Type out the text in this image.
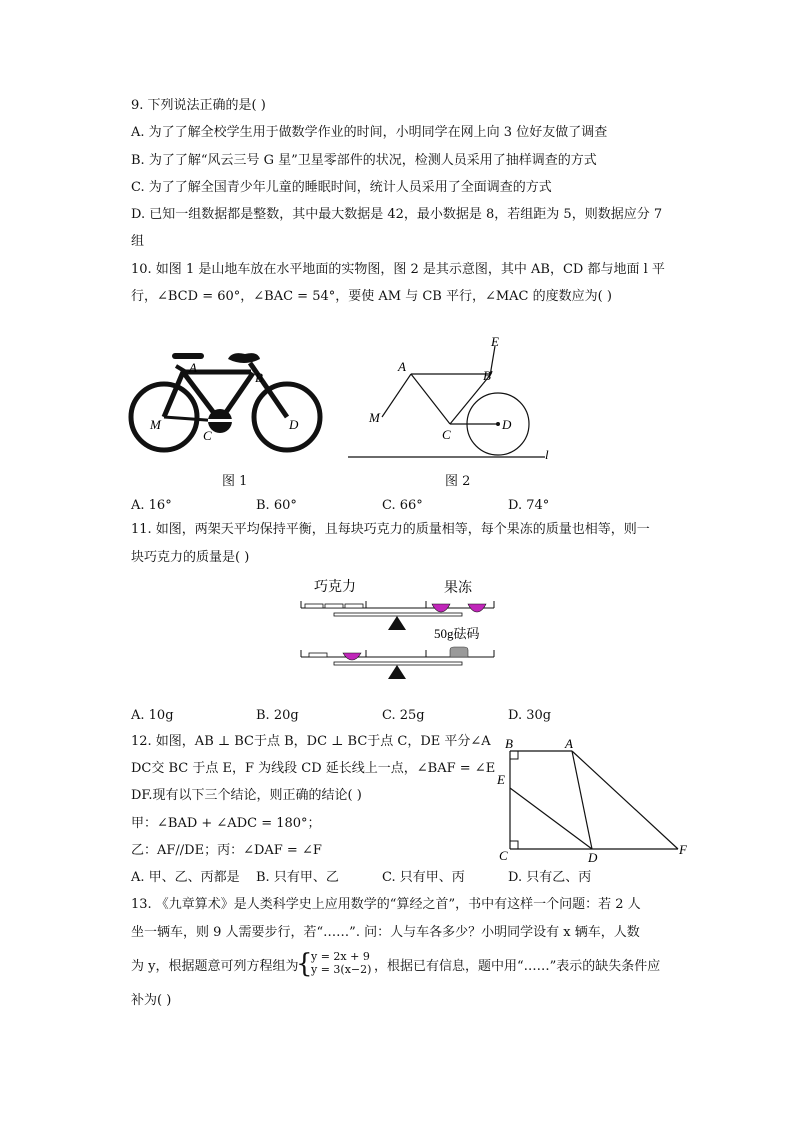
9. 下列说法正确的是( )
A. 为了了解全校学生用于做数学作业的时间，小明同学在网上向 3 位好友做了调查
B. 为了了解“风云三号 G 星”卫星零部件的状况，检测人员采用了抽样调查的方式
C. 为了了解全国青少年儿童的睡眠时间，统计人员采用了全面调查的方式
D. 已知一组数据都是整数，其中最大数据是 42，最小数据是 8，若组距为 5，则数据应分 7
组
10. 如图 1 是山地车放在水平地面的实物图，图 2 是其示意图，其中 AB，CD 都与地面 l 平
行，∠BCD = 60°，∠BAC = 54°，要使 AM 与 CB 平行，∠MAC 的度数应为( )
M
A
B
C
D
图 1
M
A
B
C
D
E
l
图 2
A. 16°	B. 60°	C. 66°	D. 74°
11. 如图，两架天平均保持平衡，且每块巧克力的质量相等，每个果冻的质量也相等，则一
块巧克力的质量是( )
巧克力	果冻
50g砝码
A. 10g	B. 20g	C. 25g	D. 30g
12. 如图，AB ⊥ BC于点 B，DC ⊥ BC于点 C，DE 平分∠A
DC交 BC 于点 E，F 为线段 CD 延长线上一点，∠BAF = ∠E
DF.现有以下三个结论，则正确的结论( )
甲：∠BAD + ∠ADC = 180°；
乙：AF//DE；丙：∠DAF = ∠F
B	A
E
C	D
F
A. 甲、乙、丙都是 B. 只有甲、乙	C. 只有甲、丙	D. 只有乙、丙
13. 《九章算术》是人类科学史上应用数学的“算经之首”，书中有这样一个问题：若 2 人
坐一辆车，则 9 人需要步行，若“……”. 问：人与车各多少？小明同学设有 x 辆车，人数
为 y，根据题意可列方程组为
{
y = 2x + 9
y = 3(x−2) ，根据已有信息，题中用“……”表示的缺失条件应
补为( )
